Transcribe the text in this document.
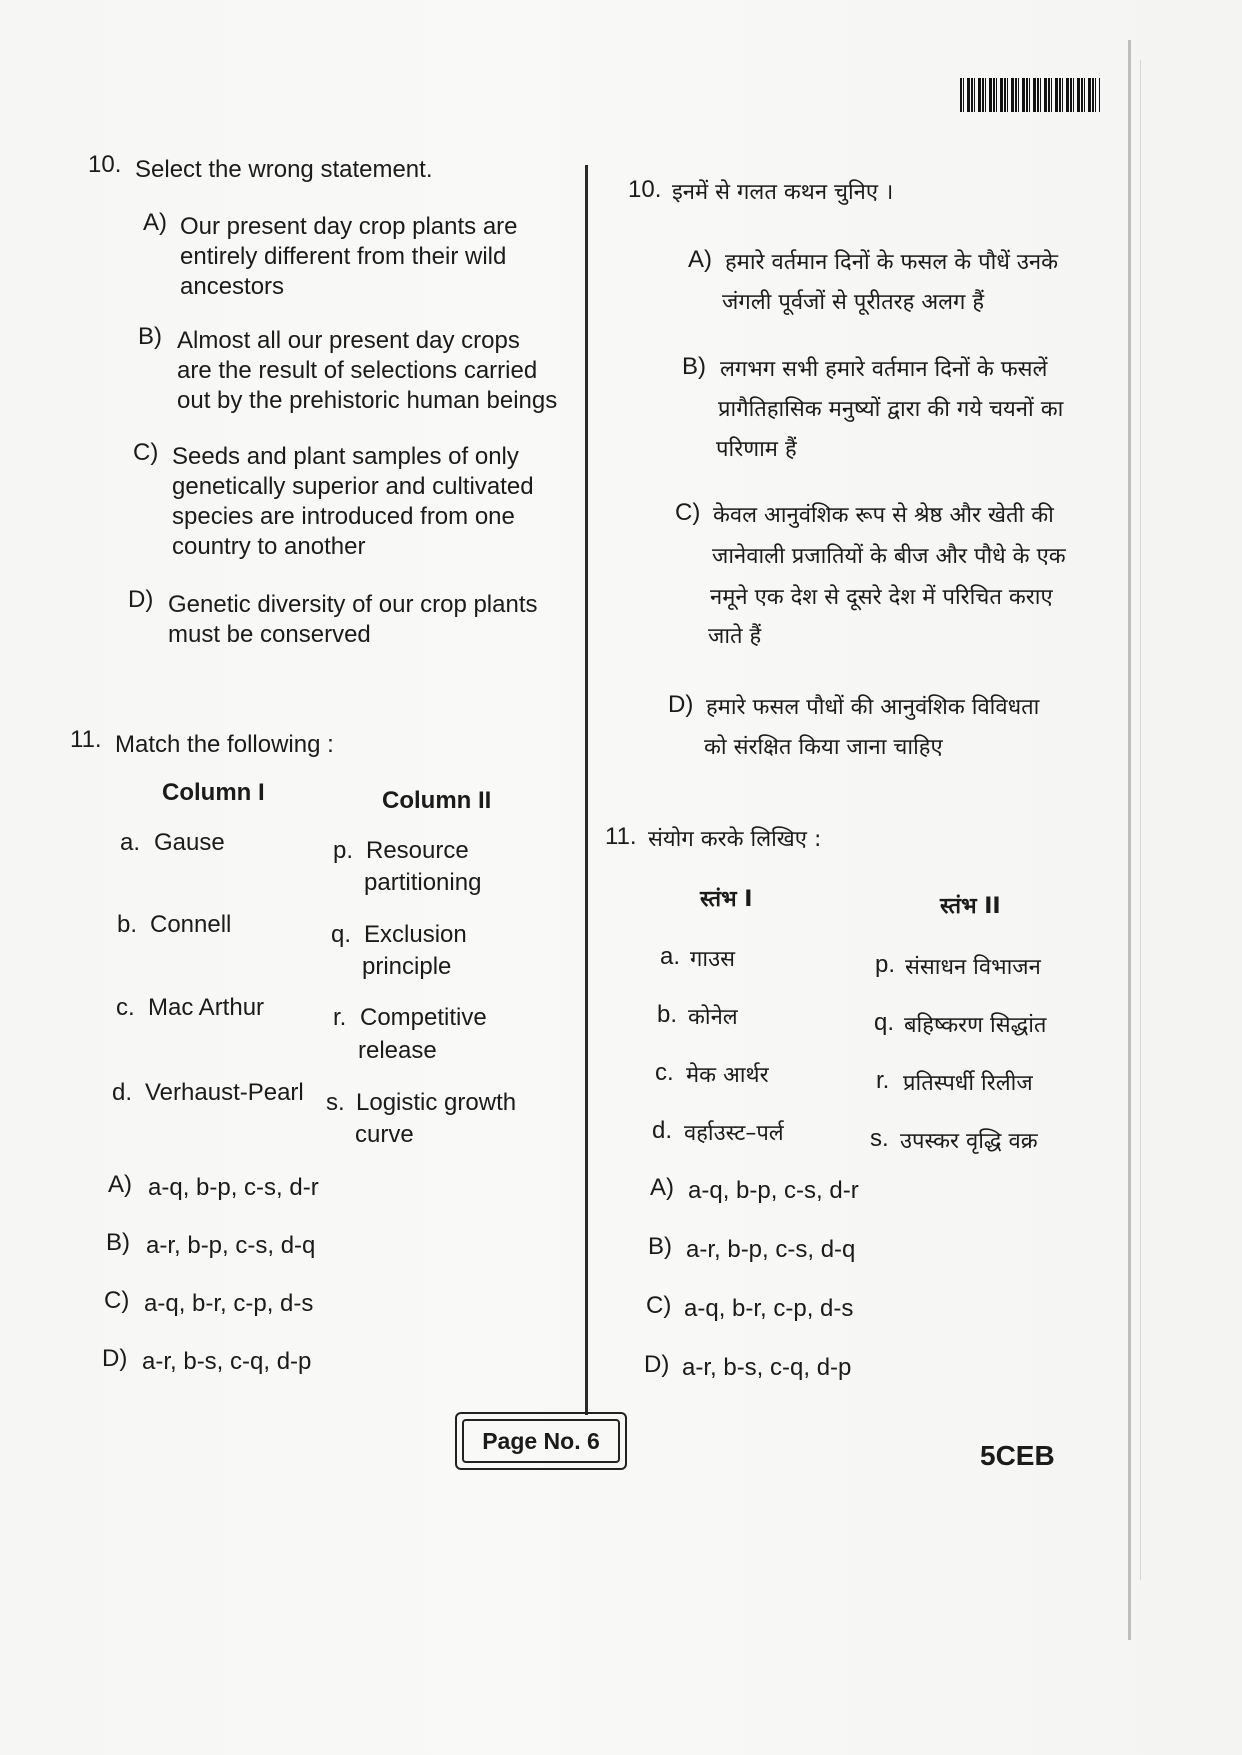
10. Select the wrong statement.
A) Our present day crop plants are
entirely different from their wild
ancestors
B) Almost all our present day crops
are the result of selections carried
out by the prehistoric human beings
C) Seeds and plant samples of only
genetically superior and cultivated
species are introduced from one
country to another
D) Genetic diversity of our crop plants
must be conserved
11. Match the following :
Column I	Column II
a. Gause	p. Resource
partitioning
b. Connell	q. Exclusion
principle
c. Mac Arthur	r. Competitive
release
d. Verhaust-Pearl s. Logistic growth
curve
A) a-q, b-p, c-s, d-r
B) a-r, b-p, c-s, d-q
C) a-q, b-r, c-p, d-s
D) a-r, b-s, c-q, d-p
10. इनमें से गलत कथन चुनिए ।
A) हमारे वर्तमान दिनों के फसल के पौधें उनके
जंगली पूर्वजों से पूरीतरह अलग हैं
B) लगभग सभी हमारे वर्तमान दिनों के फसलें
प्रागैतिहासिक मनुष्यों द्वारा की गये चयनों का
परिणाम हैं
C) केवल आनुवंशिक रूप से श्रेष्ठ और खेती की
जानेवाली प्रजातियों के बीज और पौधे के एक
नमूने एक देश से दूसरे देश में परिचित कराए
जाते हैं
D) हमारे फसल पौधों की आनुवंशिक विविधता
को संरक्षित किया जाना चाहिए
11. संयोग करके लिखिए :
स्तंभ I	स्तंभ II
a. गाउस	p. संसाधन विभाजन
b. कोनेल	q. बहिष्करण सिद्धांत
c. मेक आर्थर	r. प्रतिस्पर्धी रिलीज
d. वर्हाउस्ट–पर्ल	s. उपस्कर वृद्धि वक्र
A) a-q, b-p, c-s, d-r
B) a-r, b-p, c-s, d-q
C) a-q, b-r, c-p, d-s
D) a-r, b-s, c-q, d-p
Page No. 6	5CEB
